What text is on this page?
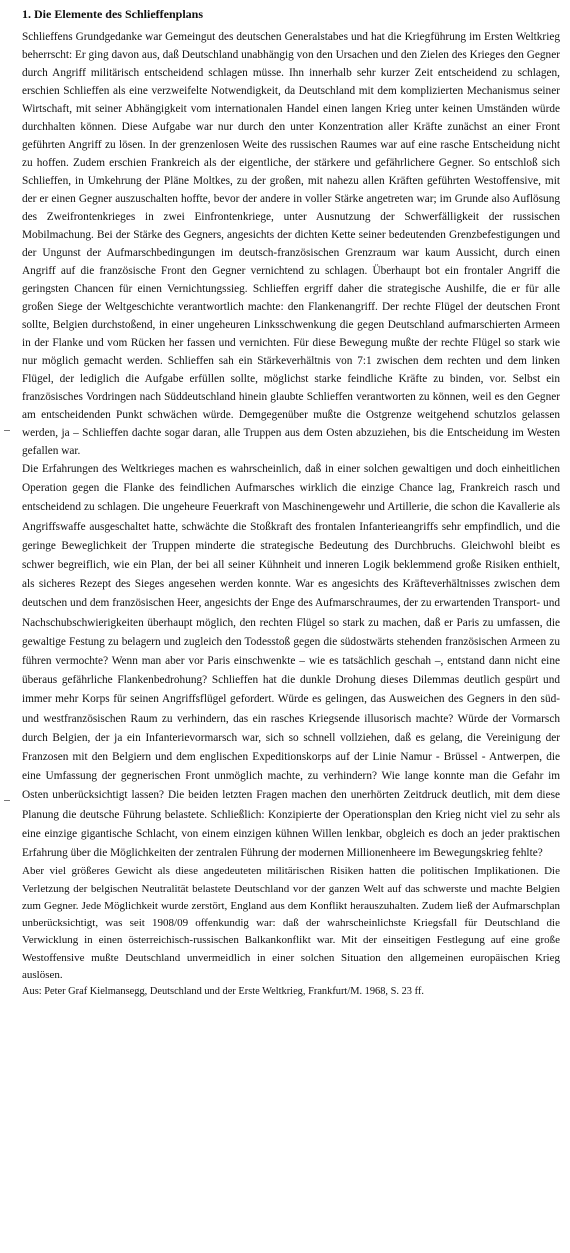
1. Die Elemente des Schlieffenplans

Schlieffens Grundgedanke war Gemeingut des deutschen Generalstabes und hat die Kriegführung im Ersten Weltkrieg beherrscht: Er ging davon aus, daß Deutschland unabhängig von den Ursachen und den Zielen des Krieges den Gegner durch Angriff militärisch entscheidend schlagen müsse. Ihn innerhalb sehr kurzer Zeit entscheidend zu schlagen, erschien Schlieffen als eine verzweifelte Notwendigkeit, da Deutschland mit dem komplizierten Mechanismus seiner Wirtschaft, mit seiner Abhängigkeit vom internationalen Handel einen langen Krieg unter keinen Umständen würde durchhalten können. Diese Aufgabe war nur durch den unter Konzentration aller Kräfte zunächst an einer Front geführten Angriff zu lösen. In der grenzenlosen Weite des russischen Raumes war auf eine rasche Entscheidung nicht zu hoffen. Zudem erschien Frankreich als der eigentliche, der stärkere und gefährlichere Gegner. So entschloß sich Schlieffen, in Umkehrung der Pläne Moltkes, zu der großen, mit nahezu allen Kräften geführten Westoffensive, mit der er einen Gegner auszuschalten hoffte, bevor der andere in voller Stärke angetreten war; im Grunde also Auflösung des Zweifrontenkrieges in zwei Einfrontenkriege, unter Ausnutzung der Schwerfälligkeit der russischen Mobilmachung. Bei der Stärke des Gegners, angesichts der dichten Kette seiner bedeutenden Grenzbefestigungen und der Ungunst der Aufmarschbedingungen im deutsch-französischen Grenzraum war kaum Aussicht, durch einen Angriff auf die französische Front den Gegner vernichtend zu schlagen. Überhaupt bot ein frontaler Angriff die geringsten Chancen für einen Vernichtungssieg. Schlieffen ergriff daher die strategische Aushilfe, die er für alle großen Siege der Weltgeschichte verantwortlich machte: den Flankenangriff. Der rechte Flügel der deutschen Front sollte, Belgien durchstoßend, in einer ungeheuren Linksschwenkung die gegen Deutschland aufmarschierten Armeen in der Flanke und vom Rücken her fassen und vernichten. Für diese Bewegung mußte der rechte Flügel so stark wie nur möglich gemacht werden. Schlieffen sah ein Stärkeverhältnis von 7:1 zwischen dem rechten und dem linken Flügel, der lediglich die Aufgabe erfüllen sollte, möglichst starke feindliche Kräfte zu binden, vor. Selbst ein französisches Vordringen nach Süddeutschland hinein glaubte Schlieffen verantworten zu können, weil es den Gegner am entscheidenden Punkt schwächen würde. Demgegenüber mußte die Ostgrenze weitgehend schutzlos gelassen werden, ja – Schlieffen dachte sogar daran, alle Truppen aus dem Osten abzuziehen, bis die Entscheidung im Westen gefallen war.

Die Erfahrungen des Weltkrieges machen es wahrscheinlich, daß in einer solchen gewaltigen und doch einheitlichen Operation gegen die Flanke des feindlichen Aufmarsches wirklich die einzige Chance lag, Frankreich rasch und entscheidend zu schlagen. Die ungeheure Feuerkraft von Maschinengewehr und Artillerie, die schon die Kavallerie als Angriffswaffe ausgeschaltet hatte, schwächte die Stoßkraft des frontalen Infanterieangriffs sehr empfindlich, und die geringe Beweglichkeit der Truppen minderte die strategische Bedeutung des Durchbruchs. Gleichwohl bleibt es schwer begreiflich, wie ein Plan, der bei all seiner Kühnheit und inneren Logik beklemmend große Risiken enthielt, als sicheres Rezept des Sieges angesehen werden konnte. War es angesichts des Kräfteverhältnisses zwischen dem deutschen und dem französischen Heer, angesichts der Enge des Aufmarschraumes, der zu erwartenden Transport- und Nachschubschwierigkeiten überhaupt möglich, den rechten Flügel so stark zu machen, daß er Paris zu umfassen, die gewaltige Festung zu belagern und zugleich den Todesstoß gegen die südostwärts stehenden französischen Armeen zu führen vermochte? Wenn man aber vor Paris einschwenkte – wie es tatsächlich geschah –, entstand dann nicht eine überaus gefährliche Flankenbedrohung? Schlieffen hat die dunkle Drohung dieses Dilemmas deutlich gespürt und immer mehr Korps für seinen Angriffsflügel gefordert. Würde es gelingen, das Ausweichen des Gegners in den süd- und westfranzösischen Raum zu verhindern, das ein rasches Kriegsende illusorisch machte? Würde der Vormarsch durch Belgien, der ja ein Infanterievormarsch war, sich so schnell vollziehen, daß es gelang, die Vereinigung der Franzosen mit den Belgiern und dem englischen Expeditionskorps auf der Linie Namur - Brüssel - Antwerpen, die eine Umfassung der gegnerischen Front unmöglich machte, zu verhindern? Wie lange konnte man die Gefahr im Osten unberücksichtigt lassen? Die beiden letzten Fragen machen den unerhörten Zeitdruck deutlich, mit dem diese Planung die deutsche Führung belastete. Schließlich: Konzipierte der Operationsplan den Krieg nicht viel zu sehr als eine einzige gigantische Schlacht, von einem einzigen kühnen Willen lenkbar, obgleich es doch an jeder praktischen Erfahrung über die Möglichkeiten der zentralen Führung der modernen Millionenheere im Bewegungskrieg fehlte?

Aber viel größeres Gewicht als diese angedeuteten militärischen Risiken hatten die politischen Implikationen. Die Verletzung der belgischen Neutralität belastete Deutschland vor der ganzen Welt auf das schwerste und machte Belgien zum Gegner. Jede Möglichkeit wurde zerstört, England aus dem Konflikt herauszuhalten. Zudem ließ der Aufmarschplan unberücksichtigt, was seit 1908/09 offenkundig war: daß der wahrscheinlichste Kriegsfall für Deutschland die Verwicklung in einen österreichisch-russischen Balkankonflikt war. Mit der einseitigen Festlegung auf eine große Westoffensive mußte Deutschland unvermeidlich in einer solchen Situation den allgemeinen europäischen Krieg auslösen.

Aus: Peter Graf Kielmansegg, Deutschland und der Erste Weltkrieg, Frankfurt/M. 1968, S. 23 ff.
